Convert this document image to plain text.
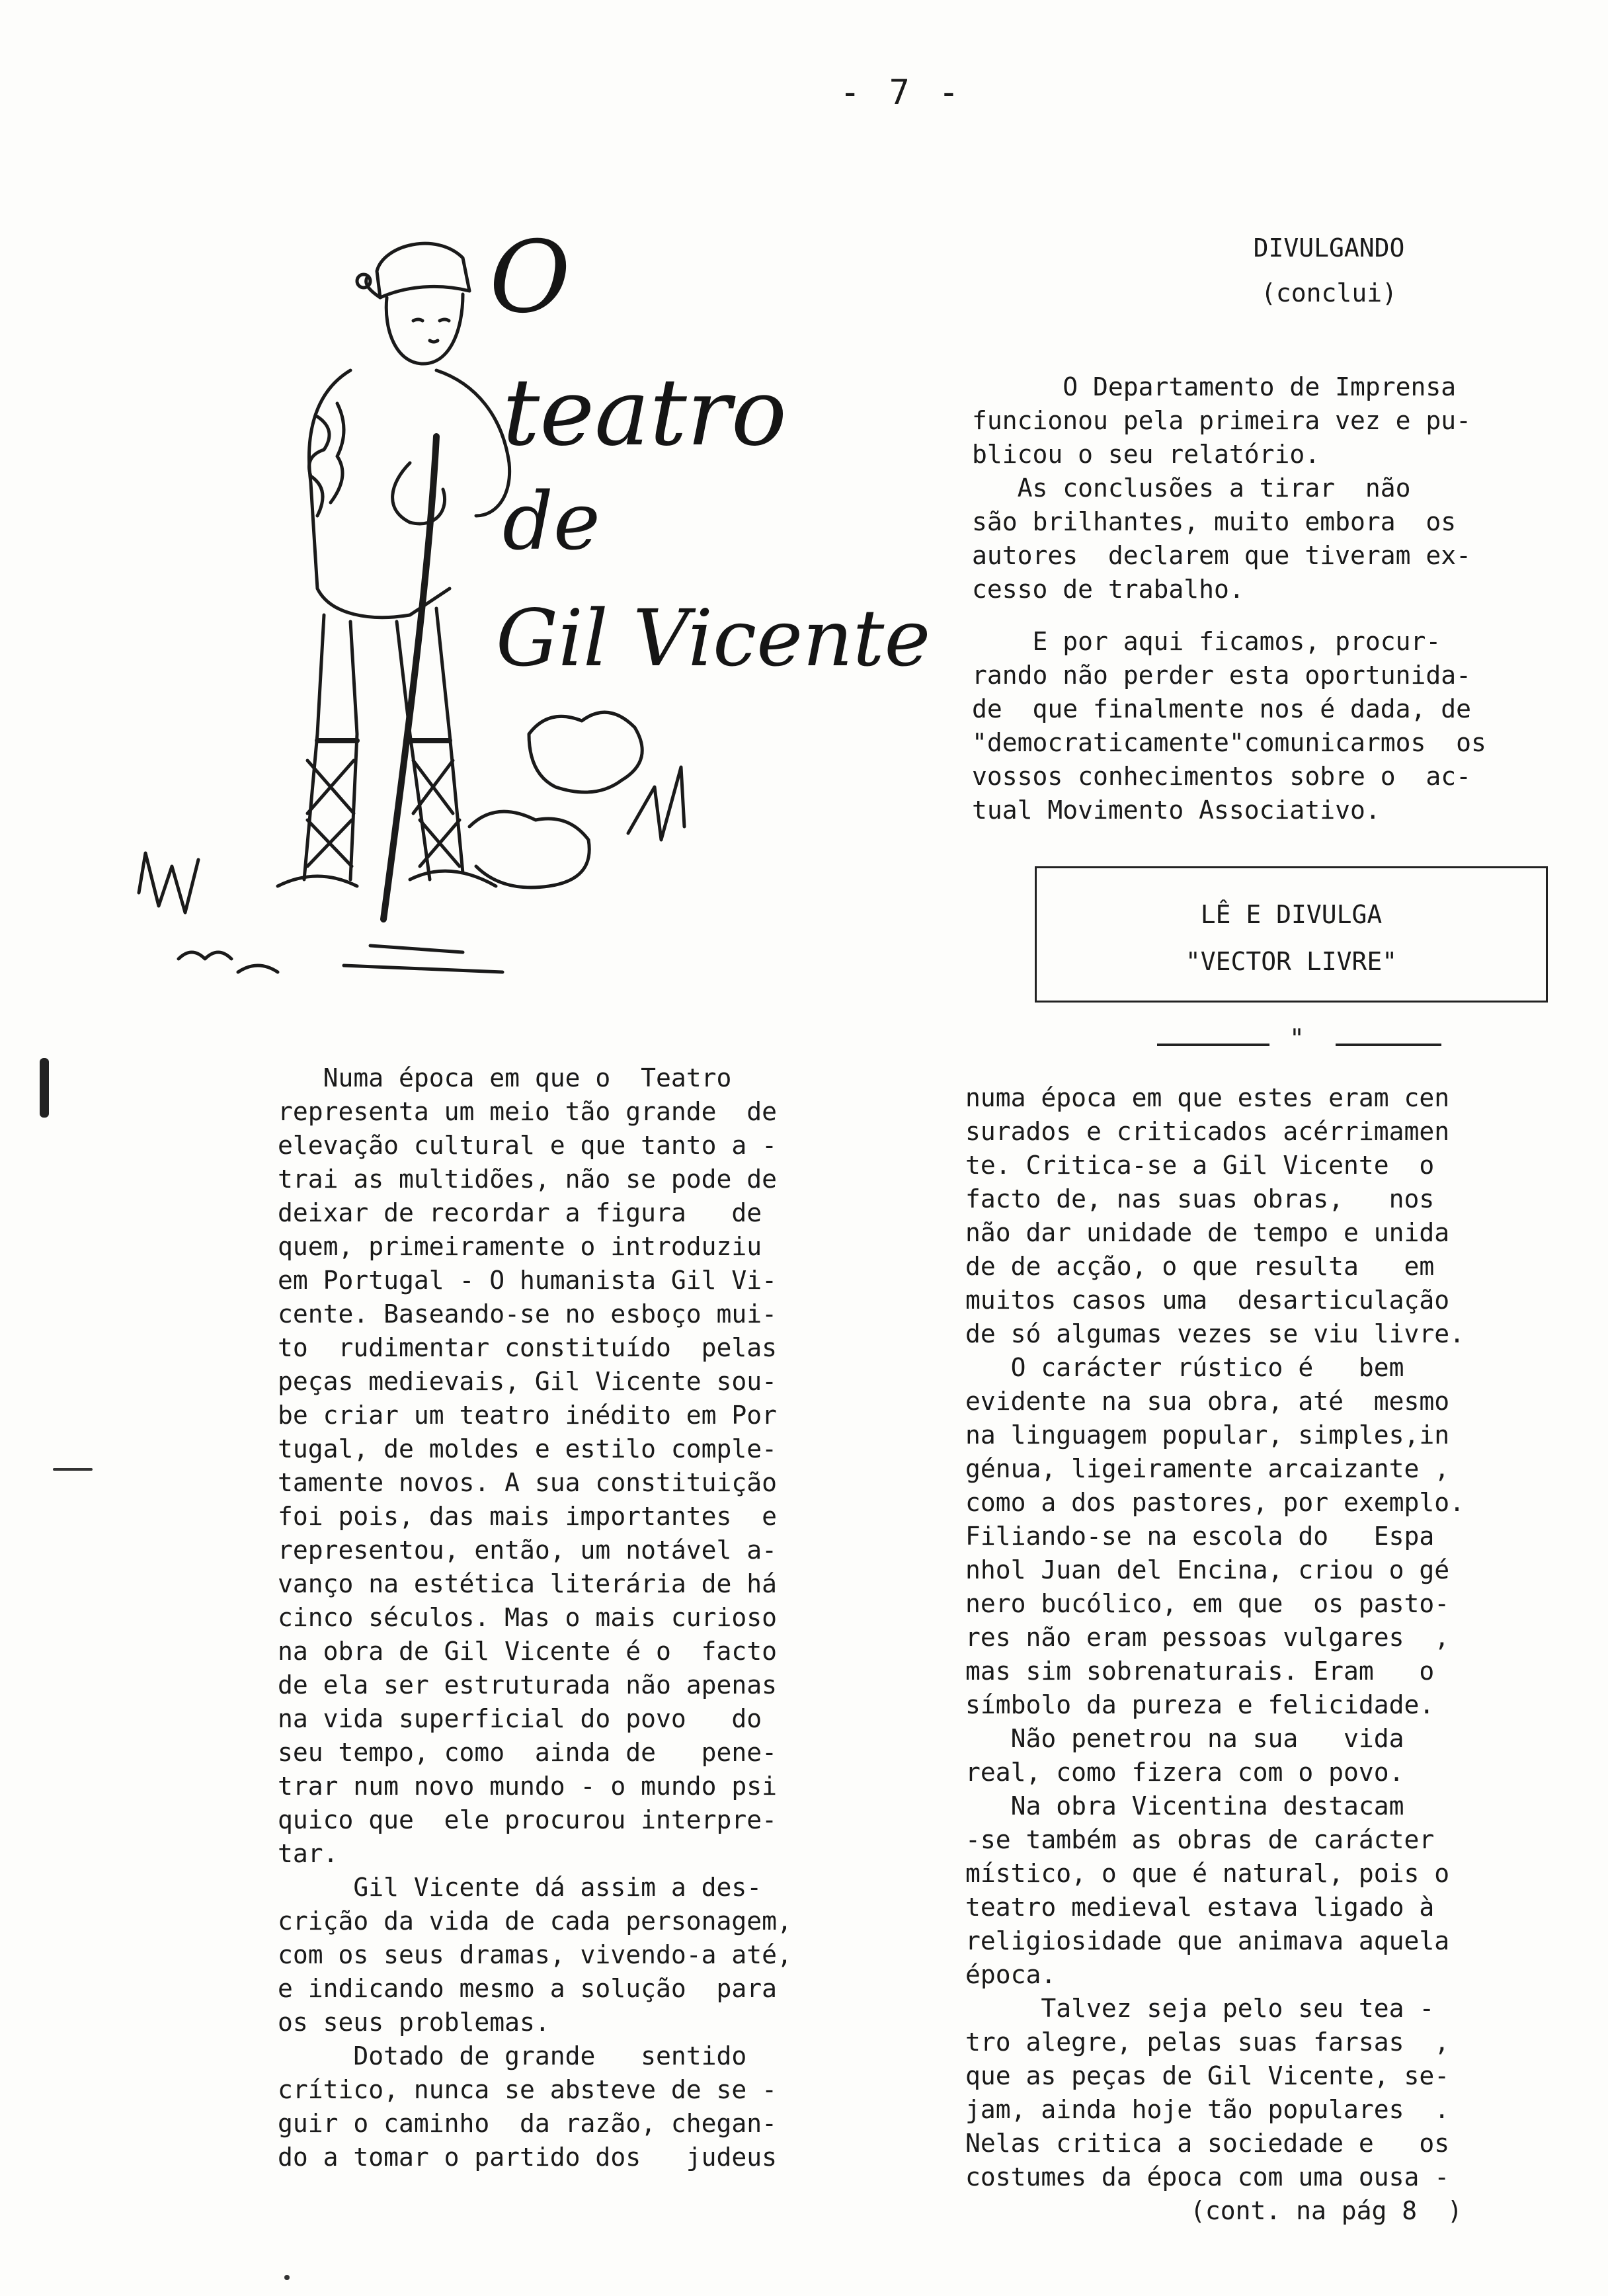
- 7 -
O
teatro
de
Gil Vicente
DIVULGANDO
(conclui)
O Departamento de Imprensa
funcionou pela primeira vez e pu-
blicou o seu relatório.
As conclusões a tirar  não
são brilhantes, muito embora  os
autores  declarem que tiveram ex-
cesso de trabalho.
E por aqui ficamos, procur-
rando não perder esta oportunida-
de  que finalmente nos é dada, de
"democraticamente"comunicarmos  os
vossos conhecimentos sobre o  ac-
tual Movimento Associativo.
LÊ E DIVULGA
"VECTOR LIVRE"
"
Numa época em que o  Teatro
representa um meio tão grande  de
elevação cultural e que tanto a -
trai as multidões, não se pode de
deixar de recordar a figura   de
quem, primeiramente o introduziu
em Portugal - O humanista Gil Vi-
cente. Baseando-se no esboço mui-
to  rudimentar constituído  pelas
peças medievais, Gil Vicente sou-
be criar um teatro inédito em Por
tugal, de moldes e estilo comple-
tamente novos. A sua constituição
foi pois, das mais importantes  e
representou, então, um notável a-
vanço na estética literária de há
cinco séculos. Mas o mais curioso
na obra de Gil Vicente é o  facto
de ela ser estruturada não apenas
na vida superficial do povo   do
seu tempo, como  ainda de   pene-
trar num novo mundo - o mundo psi
quico que  ele procurou interpre-
tar.
Gil Vicente dá assim a des-
crição da vida de cada personagem,
com os seus dramas, vivendo-a até,
e indicando mesmo a solução  para
os seus problemas.
Dotado de grande   sentido
crítico, nunca se absteve de se -
guir o caminho  da razão, chegan-
do a tomar o partido dos   judeus
numa época em que estes eram cen
surados e criticados acérrimamen
te. Critica-se a Gil Vicente  o
facto de, nas suas obras,   nos
não dar unidade de tempo e unida
de de acção, o que resulta   em
muitos casos uma  desarticulação
de só algumas vezes se viu livre.
O carácter rústico é   bem
evidente na sua obra, até  mesmo
na linguagem popular, simples,in
génua, ligeiramente arcaizante ,
como a dos pastores, por exemplo.
Filiando-se na escola do   Espa
nhol Juan del Encina, criou o gé
nero bucólico, em que  os pasto-
res não eram pessoas vulgares  ,
mas sim sobrenaturais. Eram   o
símbolo da pureza e felicidade.
Não penetrou na sua   vida
real, como fizera com o povo.
Na obra Vicentina destacam
-se também as obras de carácter
místico, o que é natural, pois o
teatro medieval estava ligado à
religiosidade que animava aquela
época.
Talvez seja pelo seu tea -
tro alegre, pelas suas farsas  ,
que as peças de Gil Vicente, se-
jam, ainda hoje tão populares  .
Nelas critica a sociedade e   os
costumes da época com uma ousa -
(cont. na pág 8  )
